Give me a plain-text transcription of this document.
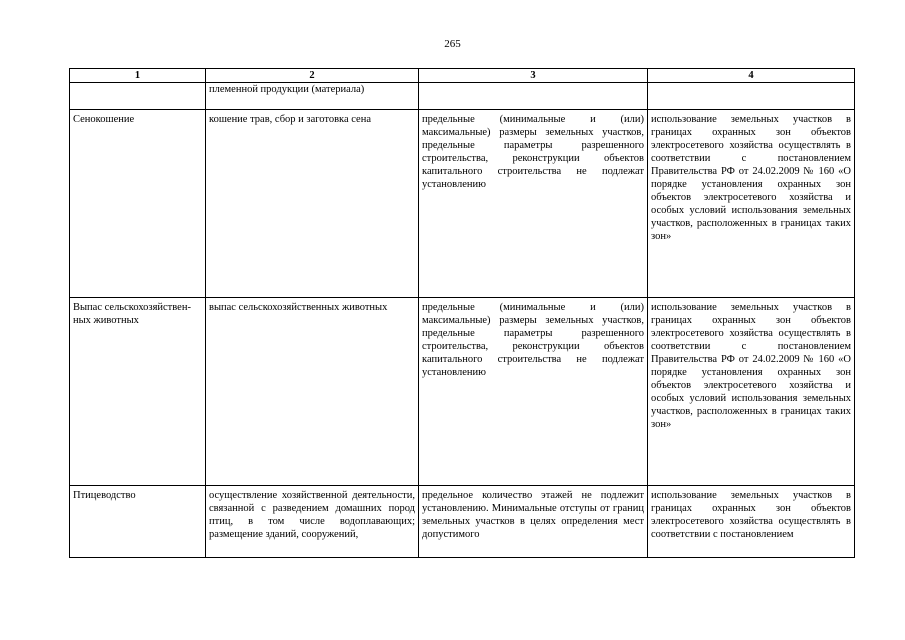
265
1	2	3	4
	племенной продукции (материала)		
Сенокошение	кошение трав, сбор и заготовка сена	предельные (минимальные и (или) максимальные) размеры земельных участков, предельные параметры разрешенного строительства, реконструкции объектов капитального строительства не подлежат установлению	использование земельных участков в границах охранных зон объектов электросетевого хозяйства осуществлять в соответствии с постановлением Правительства РФ от 24.02.2009 № 160 «О порядке установления охранных зон объектов электросетевого хозяйства и особых условий использования земельных участков, расположенных в границах таких зон»
Выпас сельскохозяйствен-ных животных	выпас сельскохозяйственных животных	предельные (минимальные и (или) максимальные) размеры земельных участков, предельные параметры разрешенного строительства, реконструкции объектов капитального строительства не подлежат установлению	использование земельных участков в границах охранных зон объектов электросетевого хозяйства осуществлять в соответствии с постановлением Правительства РФ от 24.02.2009 № 160 «О порядке установления охранных зон объектов электросетевого хозяйства и особых условий использования земельных участков, расположенных в границах таких зон»
Птицеводство	осуществление хозяйственной деятельности, связанной с разведением домашних пород птиц, в том числе водоплавающих; размещение зданий, сооружений,	предельное количество этажей не подлежит установлению. Минимальные отступы от границ земельных участков в целях определения мест допустимого	использование земельных участков в границах охранных зон объектов электросетевого хозяйства осуществлять в соответствии с постановлением
